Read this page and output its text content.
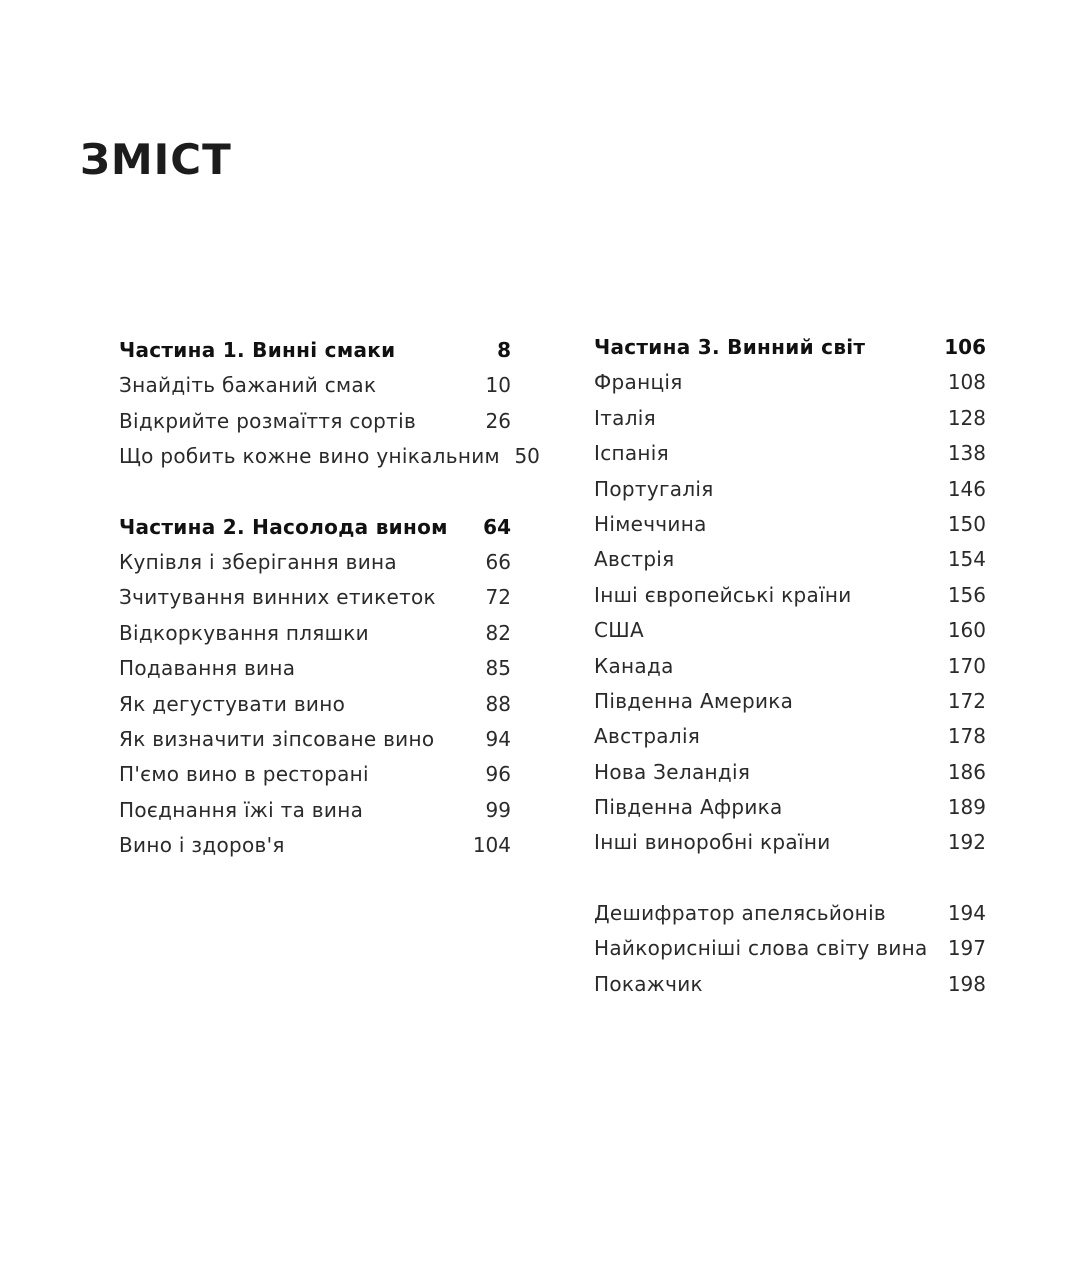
ЗМІСТ
Частина 1. Винні смаки	8
Знайдіть бажаний смак	10
Відкрийте розмаїття сортів	26
Що робить кожне вино унікальним 50
Частина 2. Насолода вином	64
Купівля і зберігання вина	66
Зчитування винних етикеток	72
Відкоркування пляшки	82
Подавання вина	85
Як дегустувати вино	88
Як визначити зіпсоване вино	94
П'ємо вино в ресторані	96
Поєднання їжі та вина	99
Вино і здоров'я	104
Частина 3. Винний світ	106
Франція	108
Італія	128
Іспанія	138
Португалія	146
Німеччина	150
Австрія	154
Інші європейські країни	156
США	160
Канада	170
Південна Америка	172
Австралія	178
Нова Зеландія	186
Південна Африка	189
Інші виноробні країни	192
Дешифратор апелясьйонів	194
Найкорисніші слова світу вина 197
Покажчик	198
